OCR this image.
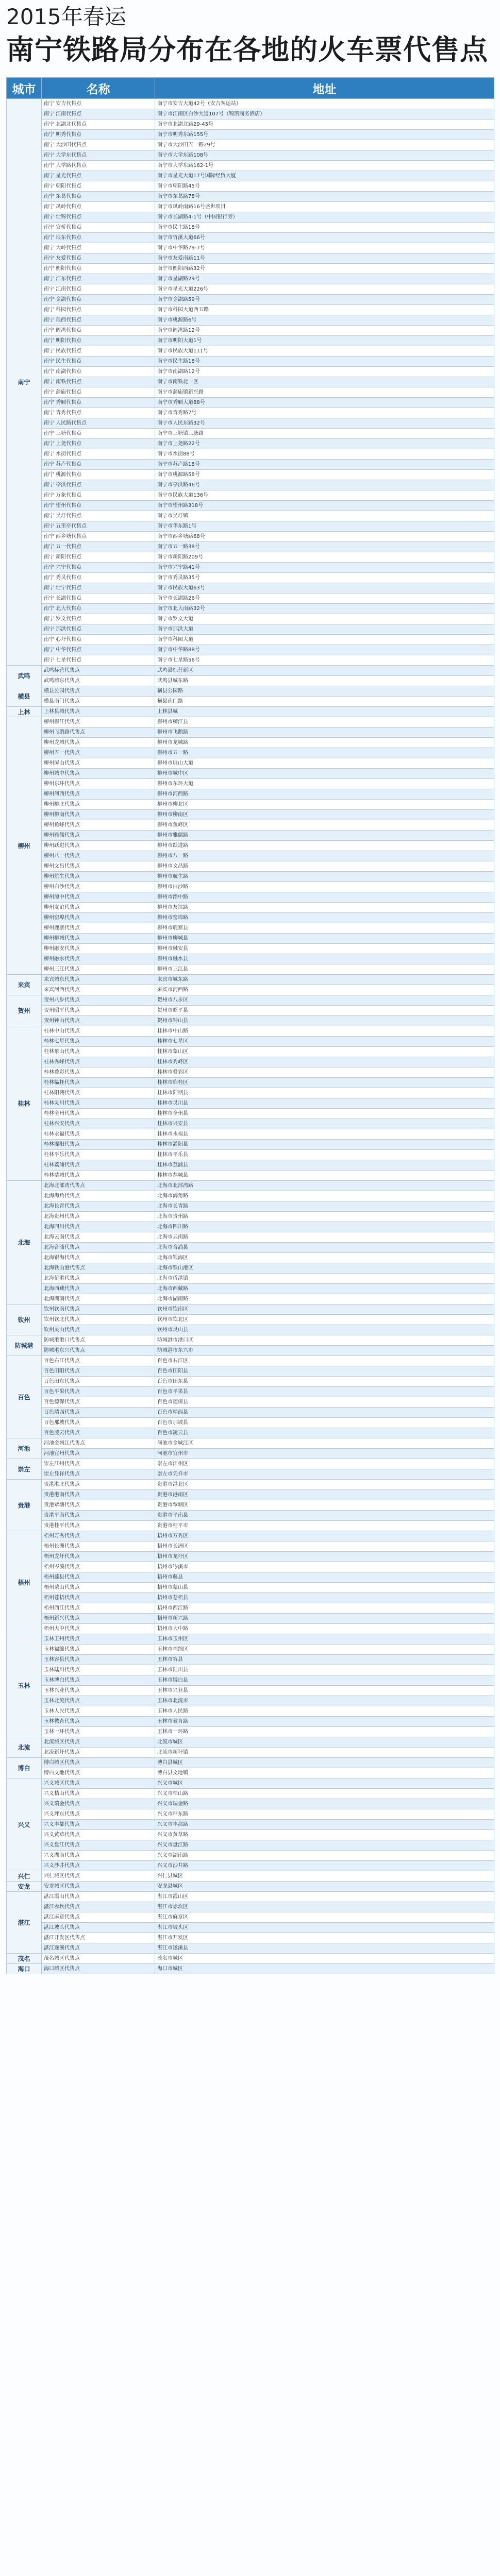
2015年春运
南宁铁路局分布在各地的火车票代售点
城市	名称	地址
南宁	南宁 安吉代售点	南宁市安吉大道42号（安吉客运站）
	南宁 江南代售点	南宁市江南区白沙大道107号（锦凯商务酒店）
	南宁 北湖北代售点	南宁市北湖北路29-45号
	南宁 明秀代售点	南宁市明秀东路155号
	南宁 大沙田代售点	南宁市大沙田五一路29号
	南宁 大学东代售点	南宁市大学东路108号
	南宁 大学路代售点	南宁市大学东路162-1号
	南宁 星光代售点	南宁市星光大道17号国际经贸大厦
	南宁 朝阳代售点	南宁市朝阳路45号
	南宁 东葛代售点	南宁市东葛路78号
	南宁 凤岭代售点	南宁市凤岭南路16号盛世项目
	南宁 壮锦代售点	南宁市长湖路4-1号（中国银行旁）
	南宁 官桥代售点	南宁市民主路18号
	南宁 埌东代售点	南宁市竹溪大道66号
	南宁 大岭代售点	南宁市中华路79-7号
	南宁 友爱代售点	南宁市友爱南路11号
	南宁 衡阳代售点	南宁市衡阳西路32号
	南宁 汇东代售点	南宁市星湖路29号
	南宁 江南代售点	南宁市星光大道226号
	南宁 金湖代售点	南宁市金湖路59号
	南宁 科园代售点	南宁市科园大道西五路
	南宁 琅西代售点	南宁市桃源路6号
	南宁 鲤湾代售点	南宁市鲤湾路12号
	南宁 明阳代售点	南宁市明阳大道1号
	南宁 民族代售点	南宁市民族大道111号
	南宁 民生代售点	南宁市民生路18号
	南宁 南湖代售点	南宁市南湖路12号
	南宁 南铁代售点	南宁市南铁北一区
	南宁 蒲庙代售点	南宁市蒲庙镇新兴路
	南宁 秀厢代售点	南宁市秀厢大道88号
	南宁 青秀代售点	南宁市青秀路7号
	南宁 人民路代售点	南宁市人民东路32号
	南宁 三塘代售点	南宁市三塘镇三塘路
	南宁 上尧代售点	南宁市上尧路22号
	南宁 水街代售点	南宁市水街88号
	南宁 苏卢代售点	南宁市苏卢路18号
	南宁 桃源代售点	南宁市桃源路58号
	南宁 亭洪代售点	南宁市亭洪路46号
	南宁 万象代售点	南宁市民族大道136号
	南宁 望州代售点	南宁市望州路318号
	南宁 吴圩代售点	南宁市吴圩镇
	南宁 五里亭代售点	南宁市华东路1号
	南宁 西乡塘代售点	南宁市西乡塘路68号
	南宁 五一代售点	南宁市五一路38号
	南宁 新阳代售点	南宁市新阳路209号
	南宁 兴宁代售点	南宁市兴宁路41号
	南宁 秀灵代售点	南宁市秀灵路35号
	南宁 壮宁代售点	南宁市民族大道63号
	南宁 长湖代售点	南宁市长湖路26号
	南宁 北大代售点	南宁市北大南路32号
	南宁 罗文代售点	南宁市罗文大道
	南宁 那洪代售点	南宁市那洪大道
	南宁 心圩代售点	南宁市科园大道
	南宁 中华代售点	南宁市中华路88号
	南宁 七星代售点	南宁市七星路56号
武鸣	武鸣标营代售点	武鸣县标营新区
	武鸣城东代售点	武鸣县城东路
横县	横县公园代售点	横县公园路
	横县南门代售点	横县南门路
上林	上林县城代售点	上林县城
柳州	柳州柳江代售点	柳州市柳江县
	柳州飞鹅路代售点	柳州市飞鹅路
	柳州龙城代售点	柳州市龙城路
	柳州五一代售点	柳州市五一路
	柳州屏山代售点	柳州市屏山大道
	柳州城中代售点	柳州市城中区
	柳州东环代售点	柳州市东环大道
	柳州河西代售点	柳州市河西路
	柳州柳北代售点	柳州市柳北区
	柳州柳南代售点	柳州市柳南区
	柳州鱼峰代售点	柳州市鱼峰区
	柳州雅儒代售点	柳州市雅儒路
	柳州跃进代售点	柳州市跃进路
	柳州八一代售点	柳州市八一路
	柳州文昌代售点	柳州市文昌路
	柳州航生代售点	柳州市航生路
	柳州白沙代售点	柳州市白沙路
	柳州潭中代售点	柳州市潭中路
	柳州友谊代售点	柳州市友谊路
	柳州窑埠代售点	柳州市窑埠路
	柳州鹿寨代售点	柳州市鹿寨县
	柳州柳城代售点	柳州市柳城县
	柳州融安代售点	柳州市融安县
	柳州融水代售点	柳州市融水县
	柳州三江代售点	柳州市三江县
来宾	来宾城东代售点	来宾市城东路
	来宾河西代售点	来宾市河西路
贺州	贺州八步代售点	贺州市八步区
	贺州昭平代售点	贺州市昭平县
	贺州钟山代售点	贺州市钟山县
桂林	桂林中山代售点	桂林市中山路
	桂林七星代售点	桂林市七星区
	桂林象山代售点	桂林市象山区
	桂林秀峰代售点	桂林市秀峰区
	桂林叠彩代售点	桂林市叠彩区
	桂林临桂代售点	桂林市临桂区
	桂林阳朔代售点	桂林市阳朔县
	桂林灵川代售点	桂林市灵川县
	桂林全州代售点	桂林市全州县
	桂林兴安代售点	桂林市兴安县
	桂林永福代售点	桂林市永福县
	桂林灌阳代售点	桂林市灌阳县
	桂林平乐代售点	桂林市平乐县
	桂林荔浦代售点	桂林市荔浦县
	桂林恭城代售点	桂林市恭城县
北海	北海北部湾代售点	北海市北部湾路
	北海海角代售点	北海市海角路
	北海长青代售点	北海市长青路
	北海贵州代售点	北海市贵州路
	北海四川代售点	北海市四川路
	北海云南代售点	北海市云南路
	北海合浦代售点	北海市合浦县
	北海银海代售点	北海市银海区
	北海铁山港代售点	北海市铁山港区
	北海侨港代售点	北海市侨港镇
	北海西藏代售点	北海市西藏路
	北海湖南代售点	北海市湖南路
钦州	钦州钦南代售点	钦州市钦南区
	钦州钦北代售点	钦州市钦北区
	钦州灵山代售点	钦州市灵山县
防城港	防城港港口代售点	防城港市港口区
	防城港东兴代售点	防城港市东兴市
百色	百色右江代售点	百色市右江区
	百色田阳代售点	百色市田阳县
	百色田东代售点	百色市田东县
	百色平果代售点	百色市平果县
	百色德保代售点	百色市德保县
	百色靖西代售点	百色市靖西县
	百色那坡代售点	百色市那坡县
	百色凌云代售点	百色市凌云县
河池	河池金城江代售点	河池市金城江区
	河池宜州代售点	河池市宜州市
崇左	崇左江州代售点	崇左市江州区
	崇左凭祥代售点	崇左市凭祥市
贵港	贵港港北代售点	贵港市港北区
	贵港港南代售点	贵港市港南区
	贵港覃塘代售点	贵港市覃塘区
	贵港平南代售点	贵港市平南县
	贵港桂平代售点	贵港市桂平市
梧州	梧州万秀代售点	梧州市万秀区
	梧州长洲代售点	梧州市长洲区
	梧州龙圩代售点	梧州市龙圩区
	梧州岑溪代售点	梧州市岑溪市
	梧州藤县代售点	梧州市藤县
	梧州蒙山代售点	梧州市蒙山县
	梧州苍梧代售点	梧州市苍梧县
	梧州西江代售点	梧州市西江路
	梧州新兴代售点	梧州市新兴路
	梧州大中代售点	梧州市大中路
玉林	玉林玉州代售点	玉林市玉州区
	玉林福绵代售点	玉林市福绵区
	玉林容县代售点	玉林市容县
	玉林陆川代售点	玉林市陆川县
	玉林博白代售点	玉林市博白县
	玉林兴业代售点	玉林市兴业县
	玉林北流代售点	玉林市北流市
	玉林人民代售点	玉林市人民路
	玉林教育代售点	玉林市教育路
	玉林一环代售点	玉林市一环路
北流	北流城区代售点	北流市城区
	北流新圩代售点	北流市新圩镇
博白	博白城区代售点	博白县城区
	博白文地代售点	博白县文地镇
兴义	兴义城区代售点	兴义市城区
	兴义桔山代售点	兴义市桔山路
	兴义瑞金代售点	兴义市瑞金路
	兴义坪东代售点	兴义市坪东路
	兴义丰都代售点	兴义市丰都路
	兴义黄草代售点	兴义市黄草路
	兴义盘江代售点	兴义市盘江路
	兴义湖南代售点	兴义市湖南路
	兴义沙井代售点	兴义市沙井路
兴仁	兴仁城区代售点	兴仁县城区
安龙	安龙城区代售点	安龙县城区
湛江	湛江霞山代售点	湛江市霞山区
	湛江赤坎代售点	湛江市赤坎区
	湛江麻章代售点	湛江市麻章区
	湛江坡头代售点	湛江市坡头区
	湛江开发区代售点	湛江市开发区
	湛江遂溪代售点	湛江市遂溪县
茂名	茂名城区代售点	茂名市城区
海口	海口城区代售点	海口市城区
